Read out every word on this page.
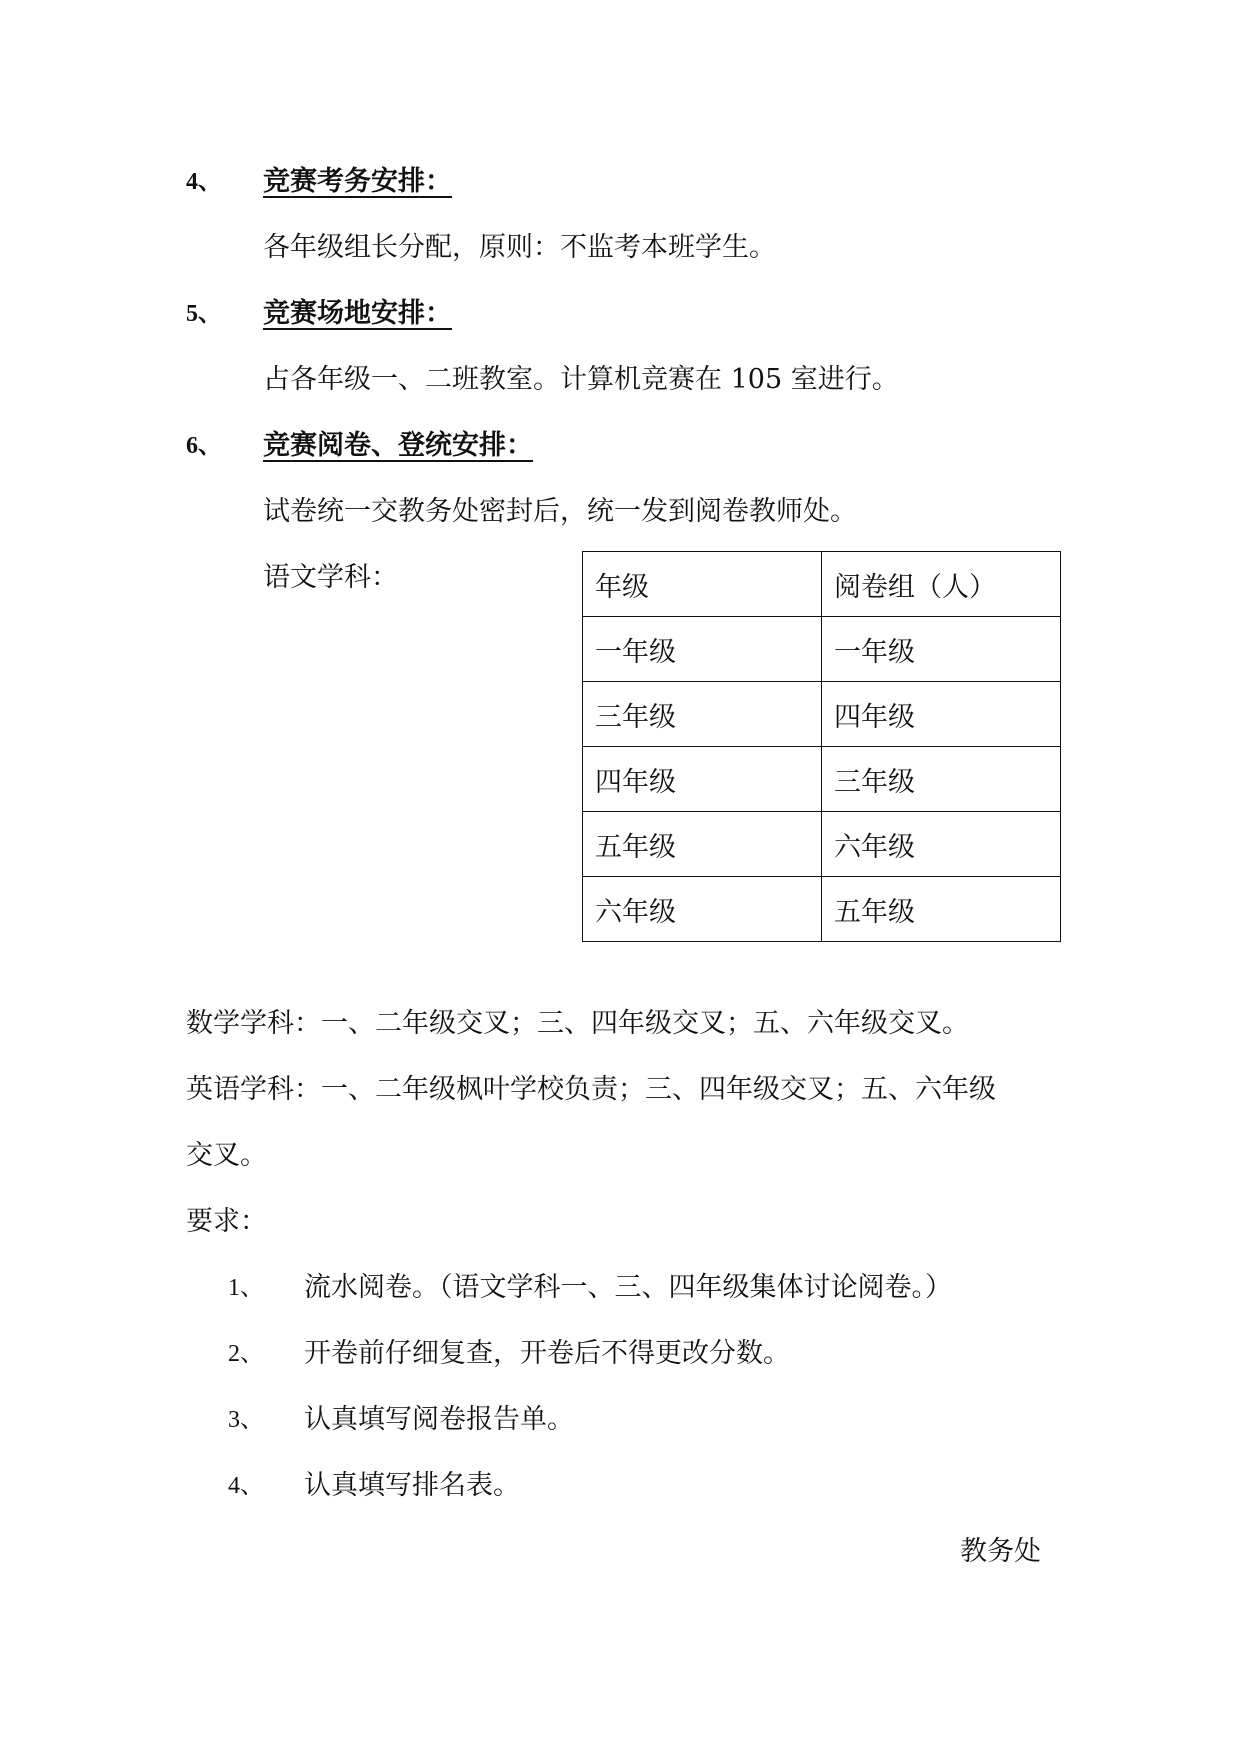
4、 竞赛考务安排：
各年级组长分配，原则：不监考本班学生。
5、 竞赛场地安排：
占各年级一、二班教室。计算机竞赛在 105 室进行。
6、 竞赛阅卷、登统安排：
试卷统一交教务处密封后，统一发到阅卷教师处。
语文学科：	年级	阅卷组（人）
一年级	一年级
三年级	四年级
四年级	三年级
五年级	六年级
六年级	五年级
数学学科：一、二年级交叉；三、四年级交叉；五、六年级交叉。
英语学科：一、二年级枫叶学校负责；三、四年级交叉；五、六年级
交叉。
要求：
1、 流水阅卷。（语文学科一、三、四年级集体讨论阅卷。）
2、 开卷前仔细复查，开卷后不得更改分数。
3、 认真填写阅卷报告单。
4、 认真填写排名表。
教务处
